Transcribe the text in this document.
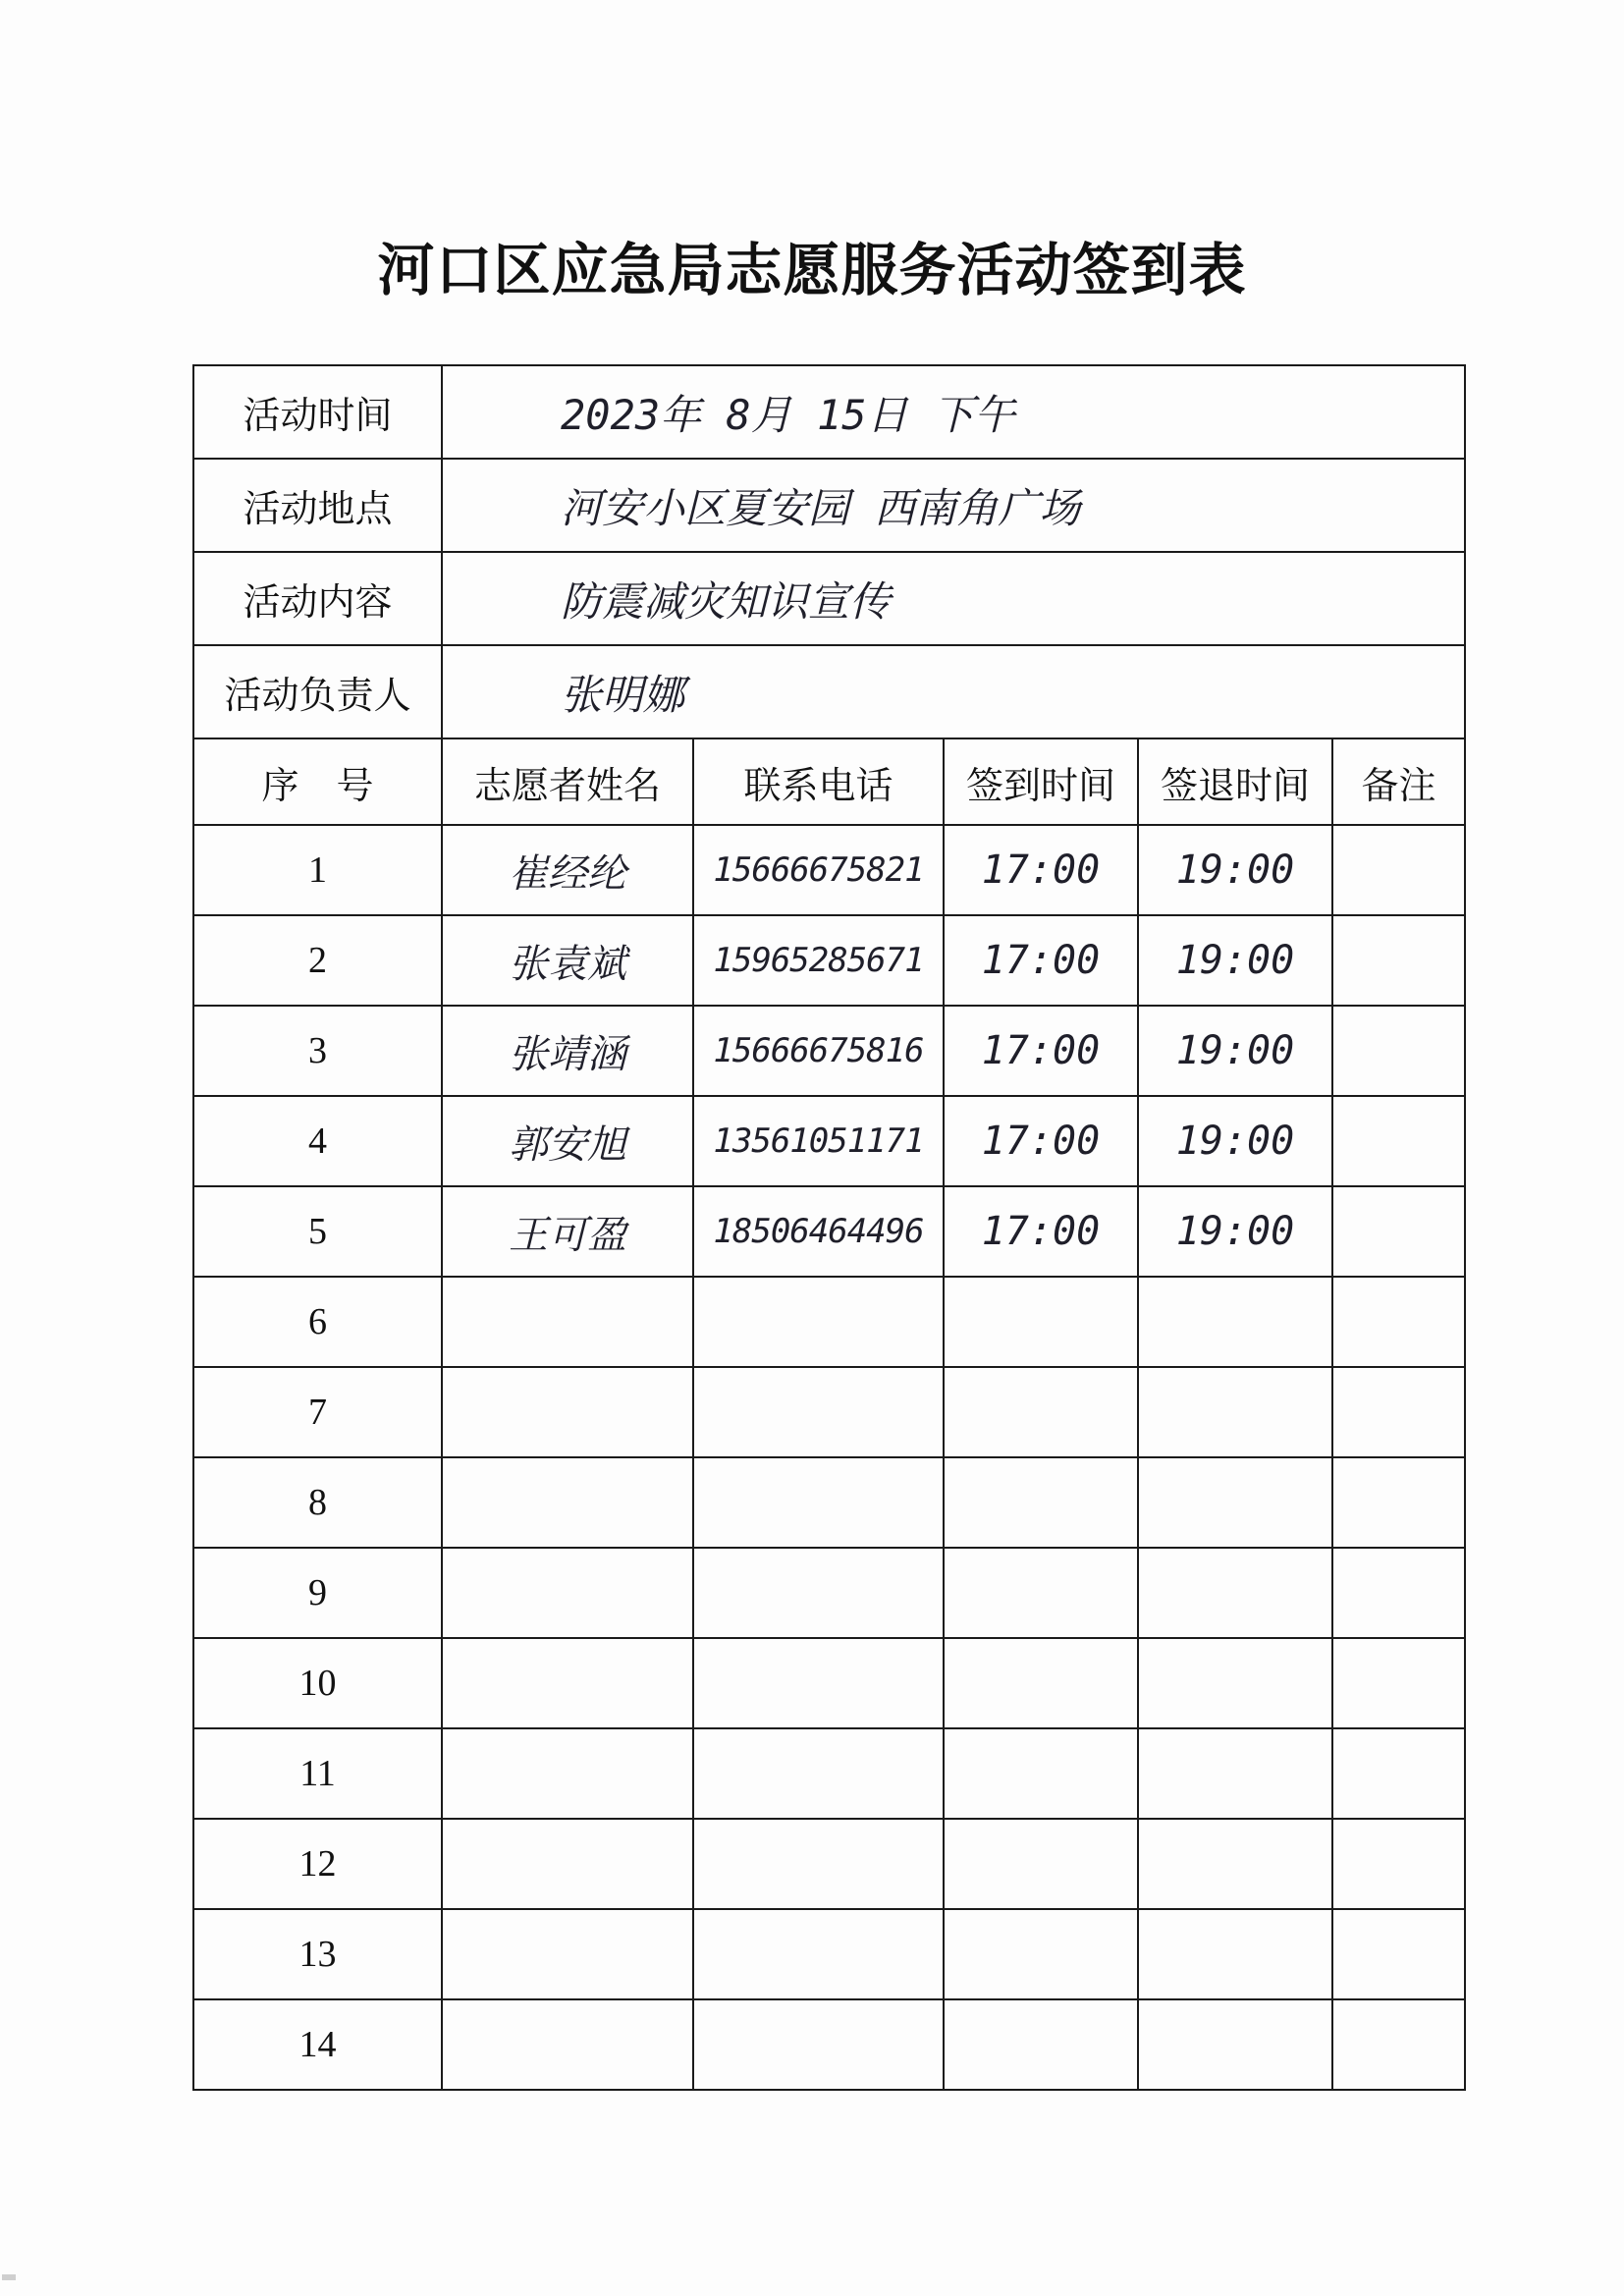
河口区应急局志愿服务活动签到表
活动时间	2023年 8月 15日 下午				
活动地点	河安小区夏安园 西南角广场				
活动内容	防震减灾知识宣传				
活动负责人	张明娜				
序　号	志愿者姓名	联系电话	签到时间	签退时间	备注
1	崔经纶	15666675821	17:00	19:00	
2	张袁斌	15965285671	17:00	19:00	
3	张靖涵	15666675816	17:00	19:00	
4	郭安旭	13561051171	17:00	19:00	
5	王可盈	18506464496	17:00	19:00	
6					
7					
8					
9					
10					
11					
12					
13					
14					
